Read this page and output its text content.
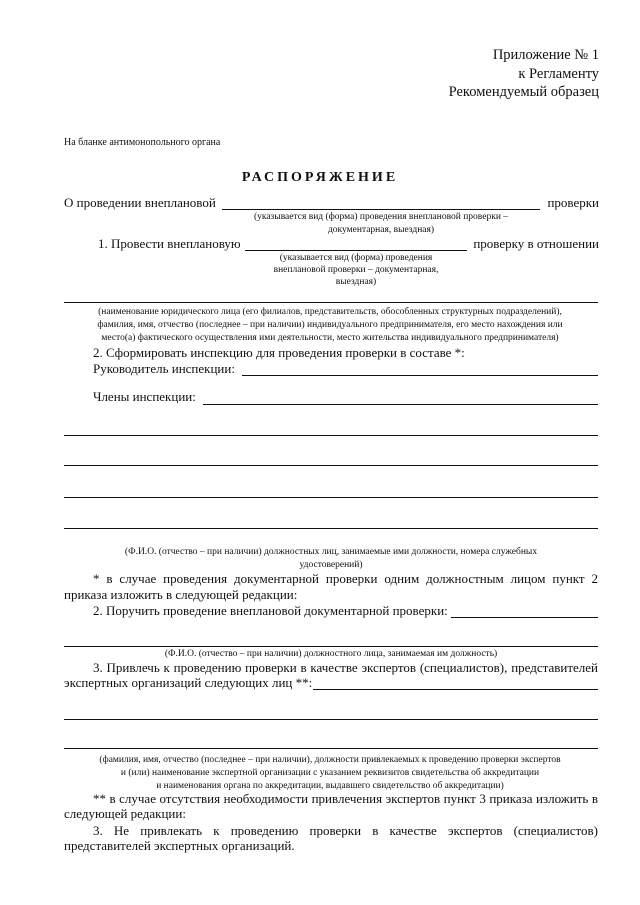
Приложение № 1
к Регламенту
Рекомендуемый образец
На бланке антимонопольного органа
РАСПОРЯЖЕНИЕ
О проведении внеплановой	проверки
(указывается вид (форма) проведения внеплановой проверки –
документарная, выездная)
1. Провести внеплановую	проверку в отношении
(указывается вид (форма) проведения
внеплановой проверки – документарная,
выездная)
(наименование юридического лица (его филиалов, представительств, обособленных структурных подразделений),
фамилия, имя, отчество (последнее – при наличии) индивидуального предпринимателя, его место нахождения или
место(а) фактического осуществления ими деятельности, место жительства индивидуального предпринимателя)
2. Сформировать инспекцию для проведения проверки в составе *:
Руководитель инспекции:
Члены инспекции:
(Ф.И.О. (отчество – при наличии) должностных лиц, занимаемые ими должности, номера служебных
удостоверений)
* в случае проведения документарной проверки одним должностным лицом пункт 2
приказа изложить в следующей редакции:
2. Поручить проведение внеплановой документарной проверки:
(Ф.И.О. (отчество – при наличии) должностного лица, занимаемая им должность)
3. Привлечь к проведению проверки в качестве экспертов (специалистов), представителей
экспертных организаций следующих лиц **:
(фамилия, имя, отчество (последнее – при наличии), должности привлекаемых к проведению проверки экспертов
и (или) наименование экспертной организации с указанием реквизитов свидетельства об аккредитации
и наименования органа по аккредитации, выдавшего свидетельство об аккредитации)
** в случае отсутствия необходимости привлечения экспертов пункт 3 приказа изложить в
следующей редакции:
3. Не привлекать к проведению проверки в качестве экспертов (специалистов)
представителей экспертных организаций.
